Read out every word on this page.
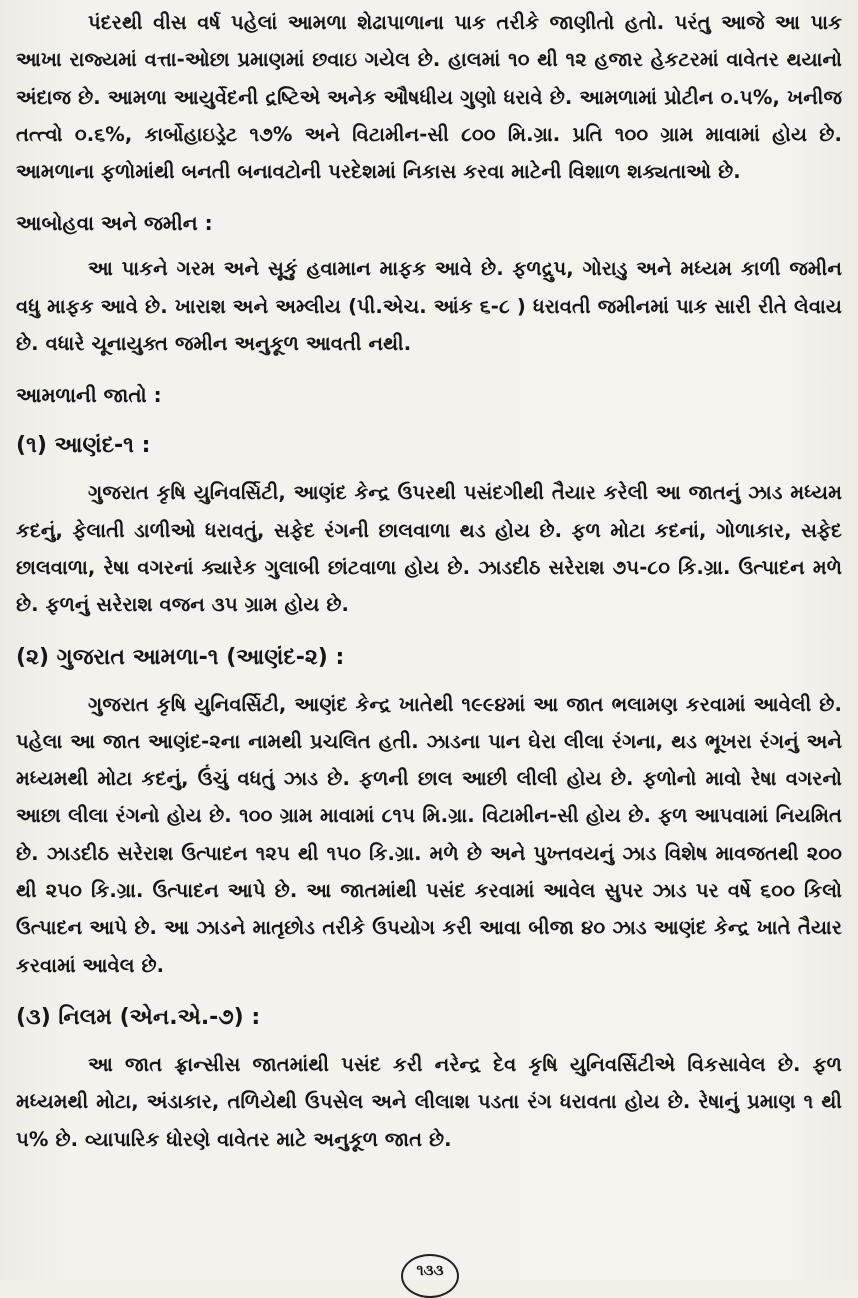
પંદરથી વીસ વર્ષ પહેલાં આમળા શેઢાપાળાના પાક તરીકે જાણીતો હતો. પરંતુ આજે આ પાક આખા રાજ્યમાં વત્તા-ઓછા પ્રમાણમાં છવાઇ ગયેલ છે. હાલમાં ૧૦ થી ૧૨ હજાર હેકટરમાં વાવેતર થયાનો અંદાજ છે. આમળા આયુર્વેદની દ્રષ્ટિએ અનેક ઔષધીય ગુણો ધરાવે છે. આમળામાં પ્રોટીન ૦.૫%, ખનીજ તત્ત્વો ૦.૬%, કાર્બોહાઇડ્રેટ ૧૭% અને વિટામીન-સી ૮૦૦ મિ.ગ્રા. પ્રતિ ૧૦૦ ગ્રામ માવામાં હોય છે. આમળાના ફળોમાંથી બનતી બનાવટોની પરદેશમાં નિકાસ કરવા માટેની વિશાળ શક્યતાઓ છે.

આબોહવા અને જમીન :

આ પાકને ગરમ અને સૂકું હવામાન માફક આવે છે. ફળદ્રુપ, ગોરાડુ અને મધ્યમ કાળી જમીન વધુ માફક આવે છે. ખારાશ અને અમ્લીય (પી.એચ. આંક ૬-૮ ) ધરાવતી જમીનમાં પાક સારી રીતે લેવાય છે. વધારે ચૂનાયુક્ત જમીન અનુકૂળ આવતી નથી.

આમળાની જાતો :
(૧) આણંદ-૧ :

ગુજરાત કૃષિ યુનિવર્સિટી, આણંદ કેન્દ્ર ઉપરથી પસંદગીથી તૈયાર કરેલી આ જાતનું ઝાડ મધ્યમ કદનું, ફેલાતી ડાળીઓ ધરાવતું, સફેદ રંગની છાલવાળા થડ હોય છે. ફળ મોટા કદનાં, ગોળાકાર, સફેદ છાલવાળા, રેષા વગરનાં ક્યારેક ગુલાબી છાંટવાળા હોય છે. ઝાડદીઠ સરેરાશ ૭૫-૮૦ કિ.ગ્રા. ઉત્પાદન મળે છે. ફળનું સરેરાશ વજન ૩૫ ગ્રામ હોય છે.

(૨) ગુજરાત આમળા-૧ (આણંદ-૨) :

ગુજરાત કૃષિ યુનિવર્સિટી, આણંદ કેન્દ્ર ખાતેથી ૧૯૯૪માં આ જાત ભલામણ કરવામાં આવેલી છે. પહેલા આ જાત આણંદ-૨ના નામથી પ્રચલિત હતી. ઝાડના પાન ઘેરા લીલા રંગના, થડ ભૂખરા રંગનું અને મધ્યમથી મોટા કદનું, ઉંચું વધતું ઝાડ છે. ફળની છાલ આછી લીલી હોય છે. ફળોનો માવો રેષા વગરનો આછા લીલા રંગનો હોય છે. ૧૦૦ ગ્રામ માવામાં ૮૧૫ મિ.ગ્રા. વિટામીન-સી હોય છે. ફળ આપવામાં નિયમિત છે. ઝાડદીઠ સરેરાશ ઉત્પાદન ૧૨૫ થી ૧૫૦ કિ.ગ્રા. મળે છે અને પુખ્તવયનું ઝાડ વિશેષ માવજતથી ૨૦૦ થી ૨૫૦ કિ.ગ્રા. ઉત્પાદન આપે છે. આ જાતમાંથી પસંદ કરવામાં આવેલ સુપર ઝાડ પર વર્ષે ૬૦૦ કિલો ઉત્પાદન આપે છે. આ ઝાડને માતૃછોડ તરીકે ઉપયોગ કરી આવા બીજા ૪૦ ઝાડ આણંદ કેન્દ્ર ખાતે તૈયાર કરવામાં આવેલ છે.

(૩) નિલમ (એન.એ.-૭) :

આ જાત ફ્રાન્સીસ જાતમાંથી પસંદ કરી નરેન્દ્ર દેવ કૃષિ યુનિવર્સિટીએ વિકસાવેલ છે. ફળ મધ્યમથી મોટા, અંડાકાર, તળિયેથી ઉપસેલ અને લીલાશ પડતા રંગ ધરાવતા હોય છે. રેષાનું પ્રમાણ ૧ થી ૫% છે. વ્યાપારિક ધોરણે વાવેતર માટે અનુકૂળ જાત છે.

૧૩૩
